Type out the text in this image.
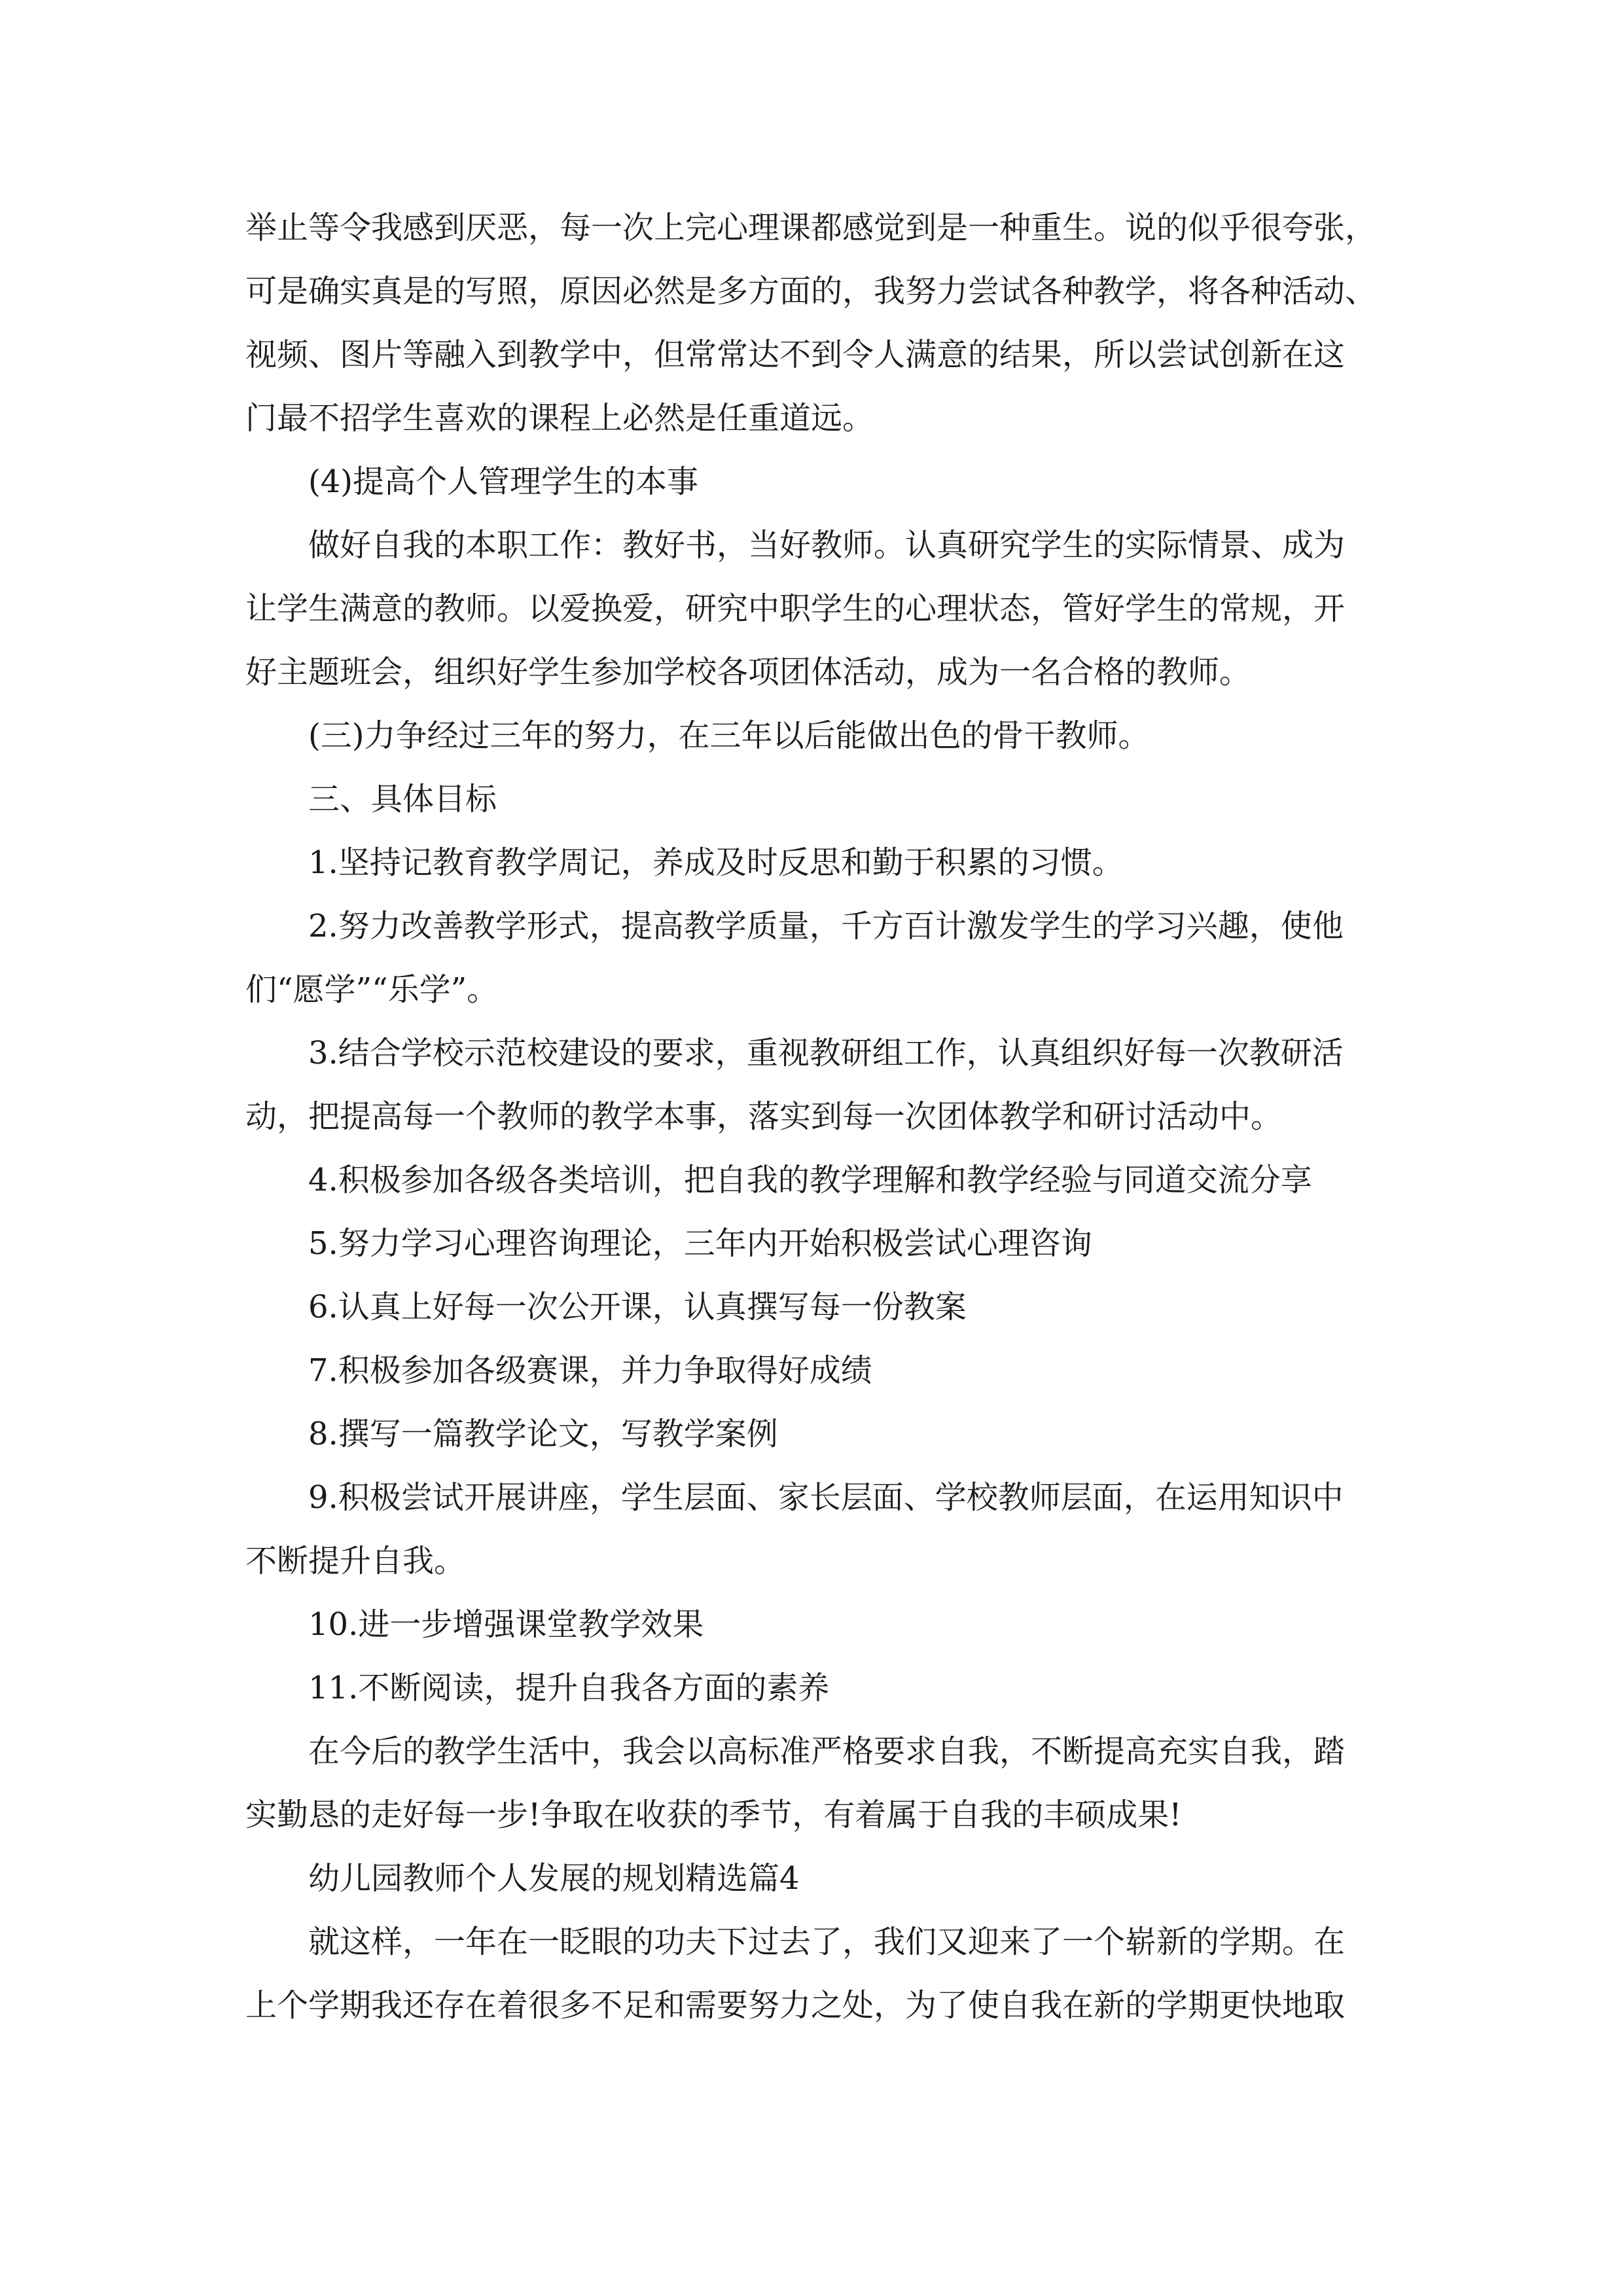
举止等令我感到厌恶，每一次上完心理课都感觉到是一种重生。说的似乎很夸张，

可是确实真是的写照，原因必然是多方面的，我努力尝试各种教学，将各种活动、

视频、图片等融入到教学中，但常常达不到令人满意的结果，所以尝试创新在这

门最不招学生喜欢的课程上必然是任重道远。

(4)提高个人管理学生的本事

做好自我的本职工作：教好书，当好教师。认真研究学生的实际情景、成为

让学生满意的教师。以爱换爱，研究中职学生的心理状态，管好学生的常规，开

好主题班会，组织好学生参加学校各项团体活动，成为一名合格的教师。

(三)力争经过三年的努力，在三年以后能做出色的骨干教师。

三、具体目标

1.坚持记教育教学周记，养成及时反思和勤于积累的习惯。

2.努力改善教学形式，提高教学质量，千方百计激发学生的学习兴趣，使他

们“愿学”“乐学”。

3.结合学校示范校建设的要求，重视教研组工作，认真组织好每一次教研活

动，把提高每一个教师的教学本事，落实到每一次团体教学和研讨活动中。

4.积极参加各级各类培训，把自我的教学理解和教学经验与同道交流分享

5.努力学习心理咨询理论，三年内开始积极尝试心理咨询

6.认真上好每一次公开课，认真撰写每一份教案

7.积极参加各级赛课，并力争取得好成绩

8.撰写一篇教学论文，写教学案例

9.积极尝试开展讲座，学生层面、家长层面、学校教师层面，在运用知识中

不断提升自我。

10.进一步增强课堂教学效果

11.不断阅读，提升自我各方面的素养

在今后的教学生活中，我会以高标准严格要求自我，不断提高充实自我，踏

实勤恳的走好每一步!争取在收获的季节，有着属于自我的丰硕成果!

幼儿园教师个人发展的规划精选篇4

就这样，一年在一眨眼的功夫下过去了，我们又迎来了一个崭新的学期。在

上个学期我还存在着很多不足和需要努力之处，为了使自我在新的学期更快地取
